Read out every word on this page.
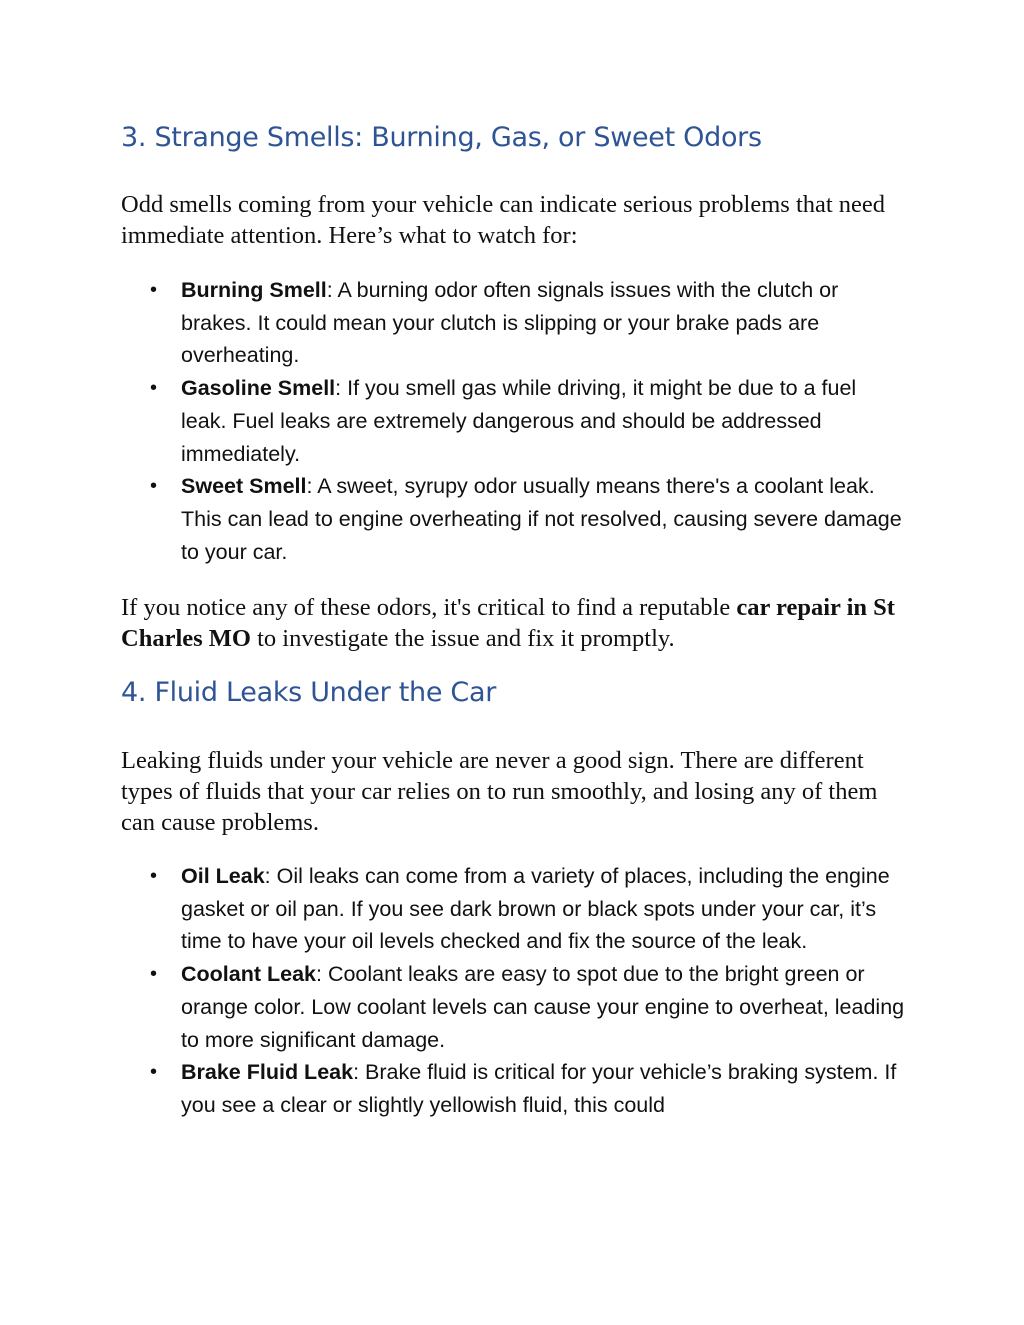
3. Strange Smells: Burning, Gas, or Sweet Odors

Odd smells coming from your vehicle can indicate serious problems that need immediate attention. Here’s what to watch for:

• Burning Smell: A burning odor often signals issues with the clutch or brakes. It could mean your clutch is slipping or your brake pads are overheating.
• Gasoline Smell: If you smell gas while driving, it might be due to a fuel leak. Fuel leaks are extremely dangerous and should be addressed immediately.
• Sweet Smell: A sweet, syrupy odor usually means there's a coolant leak. This can lead to engine overheating if not resolved, causing severe damage to your car.

If you notice any of these odors, it's critical to find a reputable car repair in St Charles MO to investigate the issue and fix it promptly.

4. Fluid Leaks Under the Car

Leaking fluids under your vehicle are never a good sign. There are different types of fluids that your car relies on to run smoothly, and losing any of them can cause problems.

• Oil Leak: Oil leaks can come from a variety of places, including the engine gasket or oil pan. If you see dark brown or black spots under your car, it’s time to have your oil levels checked and fix the source of the leak.
• Coolant Leak: Coolant leaks are easy to spot due to the bright green or orange color. Low coolant levels can cause your engine to overheat, leading to more significant damage.
• Brake Fluid Leak: Brake fluid is critical for your vehicle’s braking system. If you see a clear or slightly yellowish fluid, this could
